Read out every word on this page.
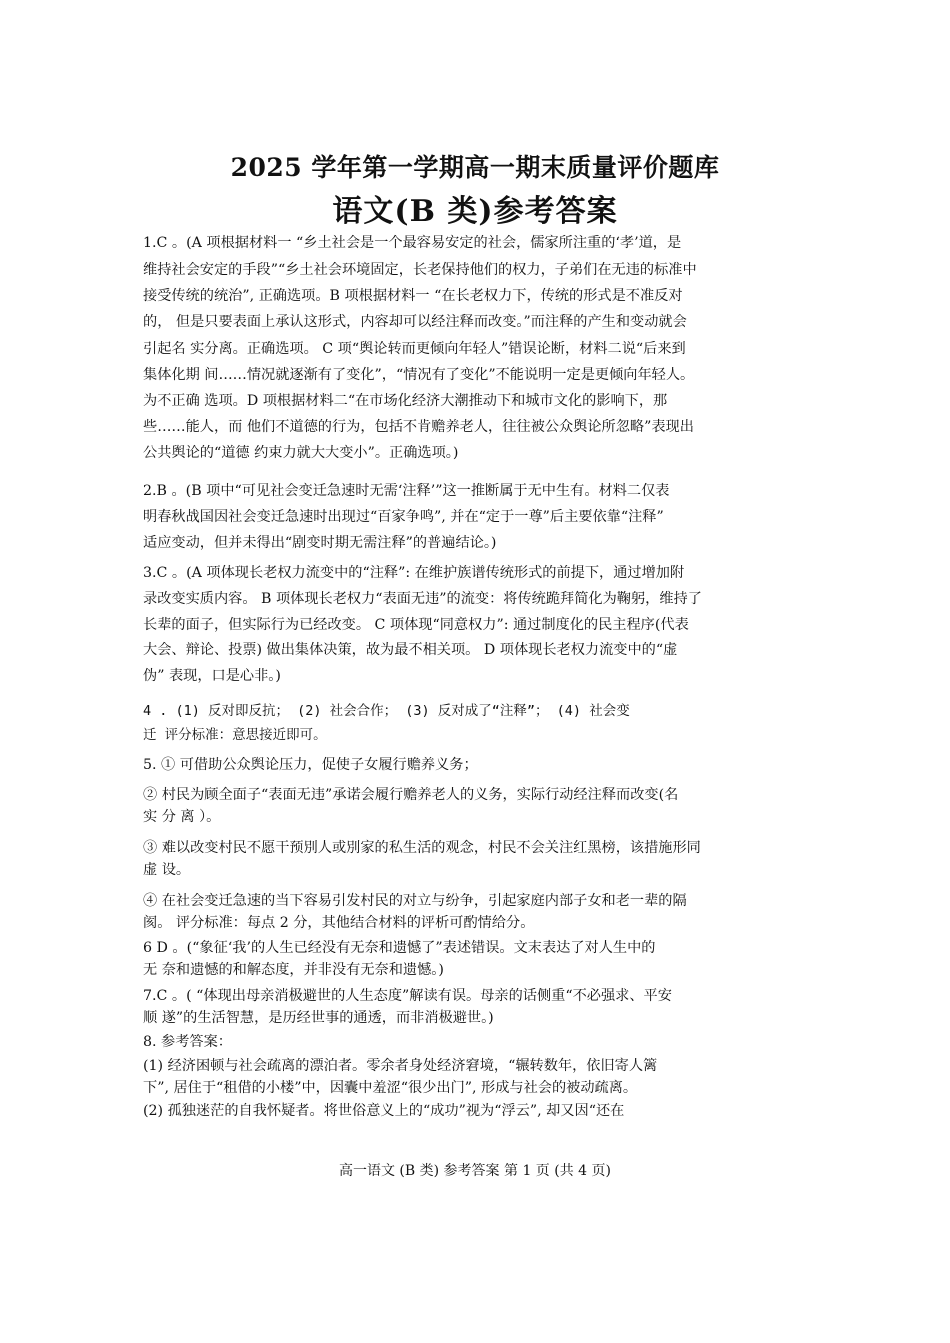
2025 学年第一学期高一期末质量评价题库
语文(B 类)参考答案
1.C 。(A 项根据材料一 “乡土社会是一个最容易安定的社会，儒家所注重的‘孝’道，是
维持社会安定的手段”“乡土社会环境固定，长老保持他们的权力，子弟们在无违的标准中
接受传统的统治”, 正确选项。B 项根据材料一 “在长老权力下，传统的形式是不准反对
的， 但是只要表面上承认这形式，内容却可以经注释而改变。”而注释的产生和变动就会
引起名 实分离。正确选项。 C 项“舆论转而更倾向年轻人”错误论断，材料二说“后来到
集体化期 间……情况就逐渐有了变化”，“情况有了变化”不能说明一定是更倾向年轻人。
为不正确 选项。D 项根据材料二“在市场化经济大潮推动下和城市文化的影响下，那
些……能人，而 他们不道德的行为，包括不肯赡养老人，往往被公众舆论所忽略”表现出
公共舆论的“道德 约束力就大大变小”。正确选项。)
2.B 。(B 项中“可见社会变迁急速时无需‘注释’”这一推断属于无中生有。材料二仅表
明春秋战国因社会变迁急速时出现过“百家争鸣”, 并在“定于一尊”后主要依靠“注释”
适应变动，但并未得出“剧变时期无需注释”的普遍结论。)
3.C 。(A 项体现长老权力流变中的“注释”: 在维护族谱传统形式的前提下，通过增加附
录改变实质内容。 B 项体现长老权力“表面无违”的流变：将传统跪拜简化为鞠躬，维持了
长辈的面子，但实际行为已经改变。 C 项体现“同意权力”: 通过制度化的民主程序(代表
大会、辩论、投票) 做出集体决策，故为最不相关项。 D 项体现长老权力流变中的“虚
伪” 表现，口是心非。)
4 . (1) 反对即反抗； (2) 社会合作； (3) 反对成了“注释”； (4) 社会变
迁 评分标准：意思接近即可。
5. ① 可借助公众舆论压力，促使子女履行赡养义务；
② 村民为顾全面子“表面无违”承诺会履行赡养老人的义务，实际行动经注释而改变(名
实 分 离 ）。
③ 难以改变村民不愿干预別人或別家的私生活的观念，村民不会关注红黑榜，该措施形同
虚 设。
④ 在社会变迁急速的当下容易引发村民的对立与纷争，引起家庭内部子女和老一辈的隔
阂。 评分标准：每点 2 分，其他结合材料的评析可酌情给分。
6 D 。(“象征‘我’的人生已经没有无奈和遗憾了”表述错误。文末表达了对人生中的
无 奈和遗憾的和解态度，并非没有无奈和遗憾。)
7.C 。( “体现出母亲消极避世的人生态度”解读有误。母亲的话侧重“不必强求、平安
顺 遂”的生活智慧，是历经世事的通透，而非消极避世。)
8. 参考答案：
(1) 经济困顿与社会疏离的漂泊者。零余者身处经济窘境，“辗转数年，依旧寄人篱
下”, 居住于“租借的小楼”中，因囊中羞涩“很少出门”, 形成与社会的被动疏离。
(2) 孤独迷茫的自我怀疑者。将世俗意义上的“成功”视为“浮云”, 却又因“还在
高一语文 (B 类) 参考答案 第 1 页 (共 4 页)
